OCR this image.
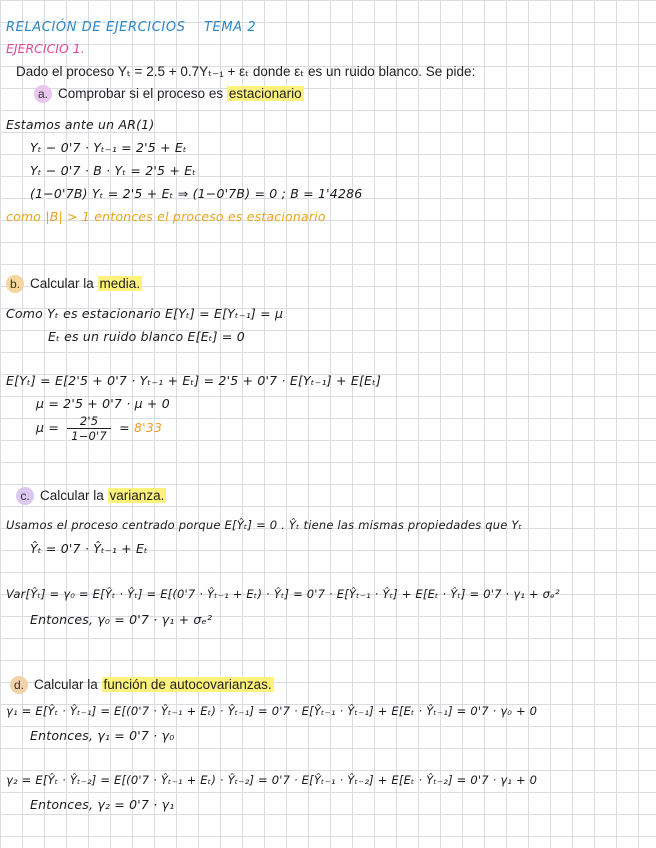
RELACIÓN DE EJERCICIOS TEMA 2
EJERCICIO 1.
Dado el proceso Yₜ = 2.5 + 0.7Yₜ₋₁ + εₜ donde εₜ es un ruido blanco. Se pide:
a. Comprobar si el proceso es estacionario
Estamos ante un AR(1)
Yₜ − 0'7 · Yₜ₋₁ = 2'5 + Eₜ
Yₜ − 0'7 · B · Yₜ = 2'5 + Eₜ
(1−0'7B) Yₜ = 2'5 + Eₜ ⇒ (1−0'7B) = 0 ; B = 1'4286
como |B| > 1 entonces el proceso es estacionario
b. Calcular la media.
Como Yₜ es estacionario E[Yₜ] = E[Yₜ₋₁] = μ
Eₜ es un ruido blanco E[Eₜ] = 0
E[Yₜ] = E[2'5 + 0'7 · Yₜ₋₁ + Eₜ] = 2'5 + 0'7 · E[Yₜ₋₁] + E[Eₜ]
μ = 2'5 + 0'7 · μ + 0
$\mu = \frac{2'5}{1-0'7} = 8'33$
c. Calcular la varianza.
Usamos el proceso centrado porque E[Ŷₜ] = 0 . Ŷₜ tiene las mismas propiedades que Yₜ
Ŷₜ = 0'7 · Ŷₜ₋₁ + Eₜ
Var[Ŷₜ] = γ₀ = E[Ŷₜ · Ŷₜ] = E[(0'7 · Ŷₜ₋₁ + Eₜ) · Ŷₜ] = 0'7 · E[Ŷₜ₋₁ · Ŷₜ] + E[Eₜ · Ŷₜ] = 0'7 · γ₁ + σₑ²
Entonces, γ₀ = 0'7 · γ₁ + σₑ²
d. Calcular la función de autocovarianzas.
γ₁ = E[Ŷₜ · Ŷₜ₋₁] = E[(0'7 · Ŷₜ₋₁ + Eₜ) · Ŷₜ₋₁] = 0'7 · E[Ŷₜ₋₁ · Ŷₜ₋₁] + E[Eₜ · Ŷₜ₋₁] = 0'7 · γ₀ + 0
Entonces, γ₁ = 0'7 · γ₀
γ₂ = E[Ŷₜ · Ŷₜ₋₂] = E[(0'7 · Ŷₜ₋₁ + Eₜ) · Ŷₜ₋₂] = 0'7 · E[Ŷₜ₋₁ · Ŷₜ₋₂] + E[Eₜ · Ŷₜ₋₂] = 0'7 · γ₁ + 0
Entonces, γ₂ = 0'7 · γ₁
